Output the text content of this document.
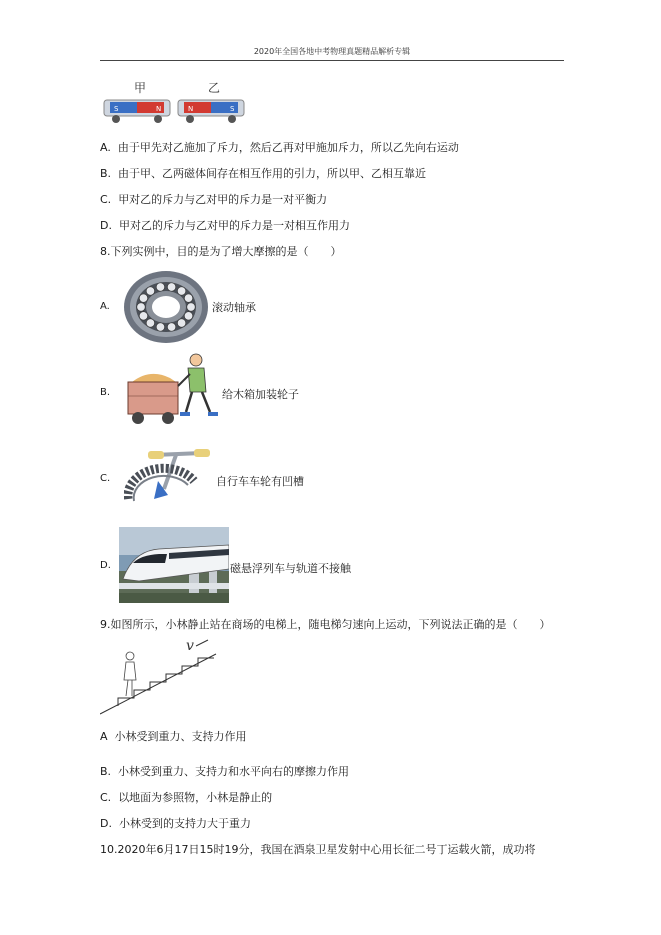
2020年全国各地中考物理真题精品解析专辑
甲	乙
S	N	N	S
A. 由于甲先对乙施加了斥力，然后乙再对甲施加斥力，所以乙先向右运动
B. 由于甲、乙两磁体间存在相互作用的引力，所以甲、乙相互靠近
C. 甲对乙的斥力与乙对甲的斥力是一对平衡力
D. 甲对乙的斥力与乙对甲的斥力是一对相互作用力
8.下列实例中，目的是为了增大摩擦的是（　　）
A.	滚动轴承
B.	给木箱加装轮子
C.	自行车车轮有凹槽
D.	磁悬浮列车与轨道不接触
9.如图所示，小林静止站在商场的电梯上，随电梯匀速向上运动，下列说法正确的是（　　）
v
A 小林受到重力、支持力作用
B. 小林受到重力、支持力和水平向右的摩擦力作用
C. 以地面为参照物，小林是静止的
D. 小林受到的支持力大于重力
10.2020年6月17日15时19分，我国在酒泉卫星发射中心用长征二号丁运载火箭，成功将
